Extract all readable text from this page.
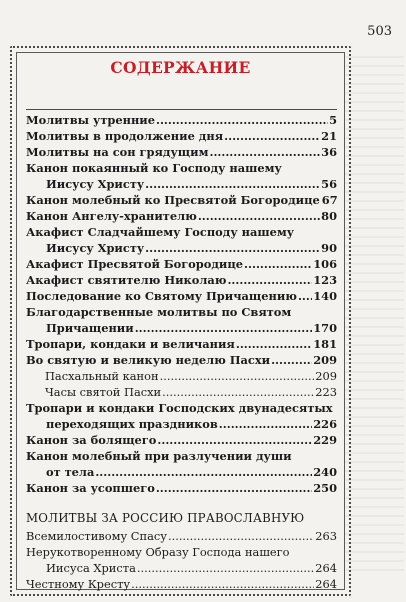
503
СОДЕРЖАНИЕ
Молитвы утренние .....	5
Молитвы в продолжение дня .....	21
Молитвы на сон грядущим .....	36
Канон покаянный ко Господу нашему
Иисусу Христу .....	56
Канон молебный ко Пресвятой Богородице 67
Канон Ангелу-хранителю .....	80
Акафист Сладчайшему Господу нашему
Иисусу Христу .....	90
Акафист Пресвятой Богородице .....	106
Акафист святителю Николаю .....	123
Последование ко Святому Причащению ..... 140
Благодарственные молитвы по Святом
Причащении .....	170
Тропари, кондаки и величания .....	181
Во святую и великую неделю Пасхи .....	209
Пасхальный канон .....	209
Часы святой Пасхи .....	223
Тропари и кондаки Господских двунадесятых
переходящих праздников .....	226
Канон за болящего .....	229
Канон молебный при разлучении души
от тела .....	240
Канон за усопшего .....	250
МОЛИТВЫ ЗА РОССИЮ ПРАВОСЛАВНУЮ
Всемилостивому Спасу .....	263
Нерукотворенному Образу Господа нашего
Иисуса Христа .....	264
Честному Кресту .....	264
